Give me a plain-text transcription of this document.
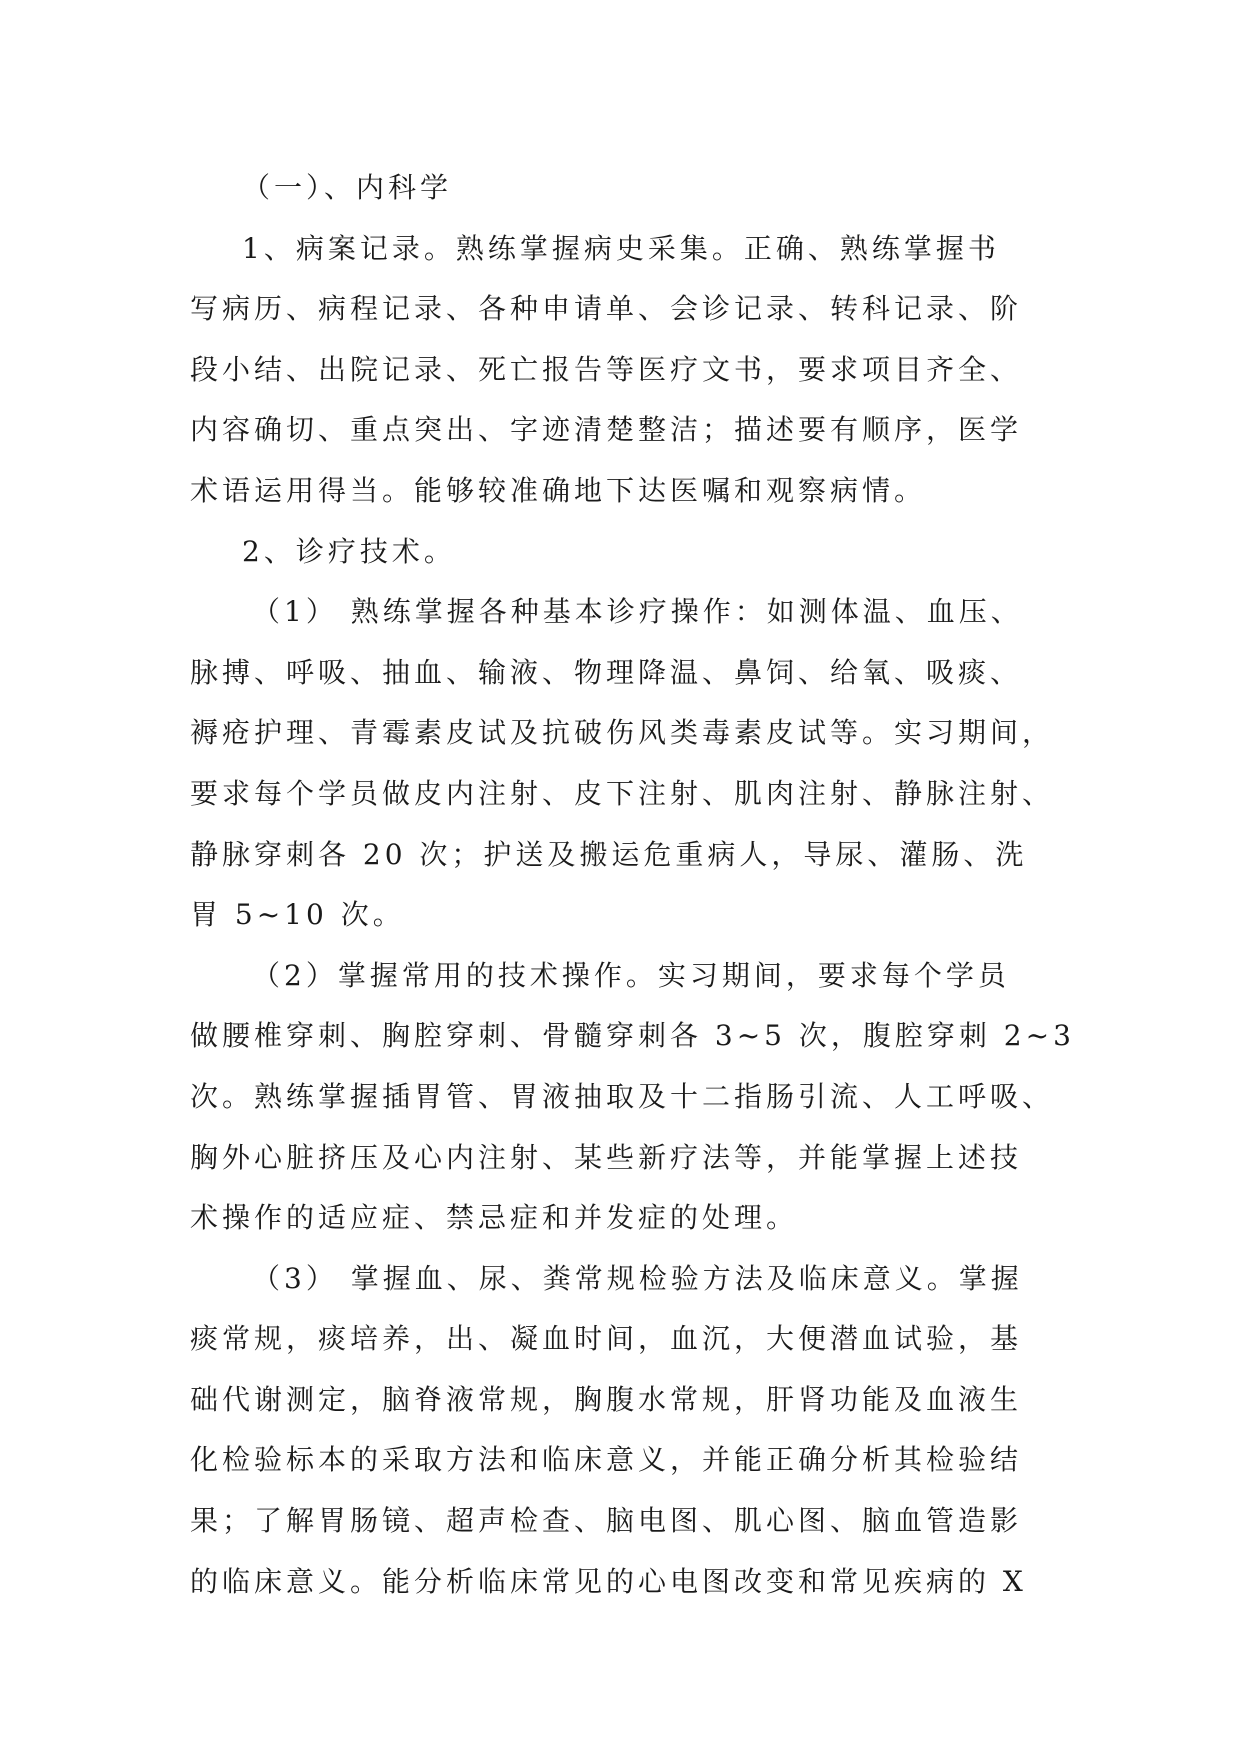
（一）、内科学
1、病案记录。熟练掌握病史采集。正确、熟练掌握书
写病历、病程记录、各种申请单、会诊记录、转科记录、阶
段小结、出院记录、死亡报告等医疗文书，要求项目齐全、
内容确切、重点突出、字迹清楚整洁；描述要有顺序，医学
术语运用得当。能够较准确地下达医嘱和观察病情。
2、诊疗技术。
（1） 熟练掌握各种基本诊疗操作：如测体温、血压、
脉搏、呼吸、抽血、输液、物理降温、鼻饲、给氧、吸痰、
褥疮护理、青霉素皮试及抗破伤风类毒素皮试等。实习期间，
要求每个学员做皮内注射、皮下注射、肌肉注射、静脉注射、
静脉穿刺各 20 次；护送及搬运危重病人，导尿、灌肠、洗
胃 5~10 次。
（2）掌握常用的技术操作。实习期间，要求每个学员
做腰椎穿刺、胸腔穿刺、骨髓穿刺各 3~5 次，腹腔穿刺 2~3
次。熟练掌握插胃管、胃液抽取及十二指肠引流、人工呼吸、
胸外心脏挤压及心内注射、某些新疗法等，并能掌握上述技
术操作的适应症、禁忌症和并发症的处理。
（3） 掌握血、尿、粪常规检验方法及临床意义。掌握
痰常规，痰培养，出、凝血时间，血沉，大便潜血试验，基
础代谢测定，脑脊液常规，胸腹水常规，肝肾功能及血液生
化检验标本的采取方法和临床意义，并能正确分析其检验结
果；了解胃肠镜、超声检查、脑电图、肌心图、脑血管造影
的临床意义。能分析临床常见的心电图改变和常见疾病的 X
